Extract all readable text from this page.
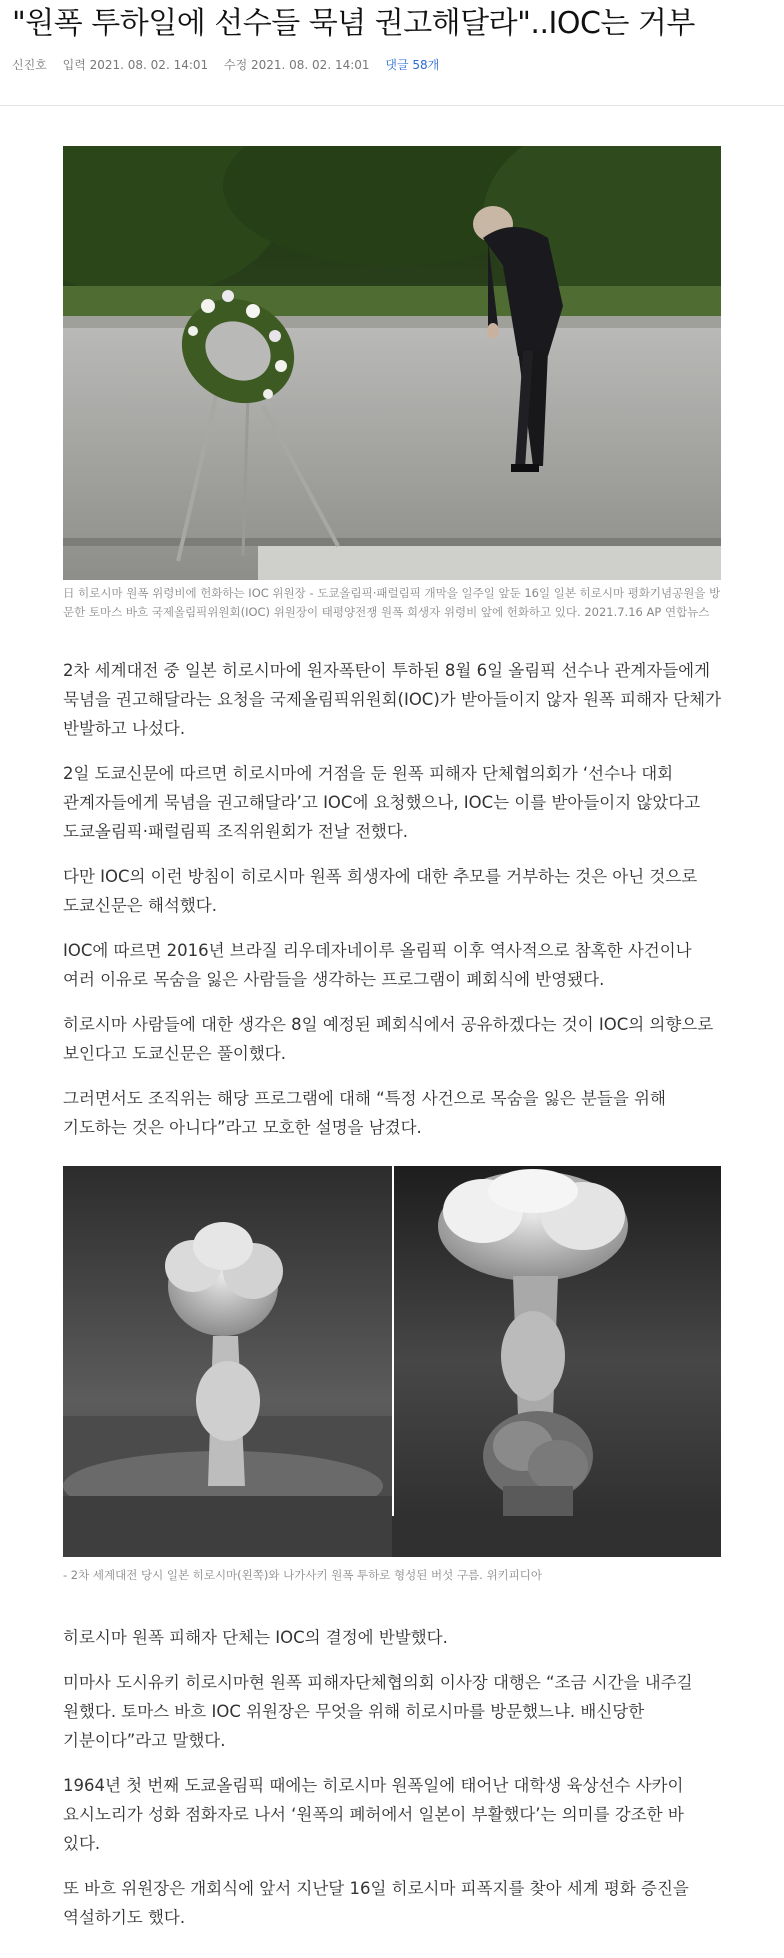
"원폭 투하일에 선수들 묵념 권고해달라"..IOC는 거부
신진호 입력 2021. 08. 02. 14:01 수정 2021. 08. 02. 14:01 댓글 58개
日 히로시마 원폭 위령비에 헌화하는 IOC 위원장 - 도쿄올림픽·패럴림픽 개막을 일주일 앞둔 16일 일본 히로시마 평화기념공원을 방문한 토마스 바흐 국제올림픽위원회(IOC) 위원장이 태평양전쟁 원폭 희생자 위령비 앞에 헌화하고 있다. 2021.7.16 AP 연합뉴스

2차 세계대전 중 일본 히로시마에 원자폭탄이 투하된 8월 6일 올림픽 선수나 관계자들에게 묵념을 권고해달라는 요청을 국제올림픽위원회(IOC)가 받아들이지 않자 원폭 피해자 단체가 반발하고 나섰다.

2일 도쿄신문에 따르면 히로시마에 거점을 둔 원폭 피해자 단체협의회가 ‘선수나 대회 관계자들에게 묵념을 권고해달라’고 IOC에 요청했으나, IOC는 이를 받아들이지 않았다고 도쿄올림픽·패럴림픽 조직위원회가 전날 전했다.

다만 IOC의 이런 방침이 히로시마 원폭 희생자에 대한 추모를 거부하는 것은 아닌 것으로 도쿄신문은 해석했다.

IOC에 따르면 2016년 브라질 리우데자네이루 올림픽 이후 역사적으로 참혹한 사건이나 여러 이유로 목숨을 잃은 사람들을 생각하는 프로그램이 폐회식에 반영됐다.

히로시마 사람들에 대한 생각은 8일 예정된 폐회식에서 공유하겠다는 것이 IOC의 의향으로 보인다고 도쿄신문은 풀이했다.

그러면서도 조직위는 해당 프로그램에 대해 “특정 사건으로 목숨을 잃은 분들을 위해 기도하는 것은 아니다”라고 모호한 설명을 남겼다.

- 2차 세계대전 당시 일본 히로시마(왼쪽)와 나가사키 원폭 투하로 형성된 버섯 구름. 위키피디아

히로시마 원폭 피해자 단체는 IOC의 결정에 반발했다.

미마사 도시유키 히로시마현 원폭 피해자단체협의회 이사장 대행은 “조금 시간을 내주길 원했다. 토마스 바흐 IOC 위원장은 무엇을 위해 히로시마를 방문했느냐. 배신당한 기분이다”라고 말했다.

1964년 첫 번째 도쿄올림픽 때에는 히로시마 원폭일에 태어난 대학생 육상선수 사카이 요시노리가 성화 점화자로 나서 ‘원폭의 폐허에서 일본이 부활했다’는 의미를 강조한 바 있다.

또 바흐 위원장은 개회식에 앞서 지난달 16일 히로시마 피폭지를 찾아 세계 평화 증진을 역설하기도 했다.
